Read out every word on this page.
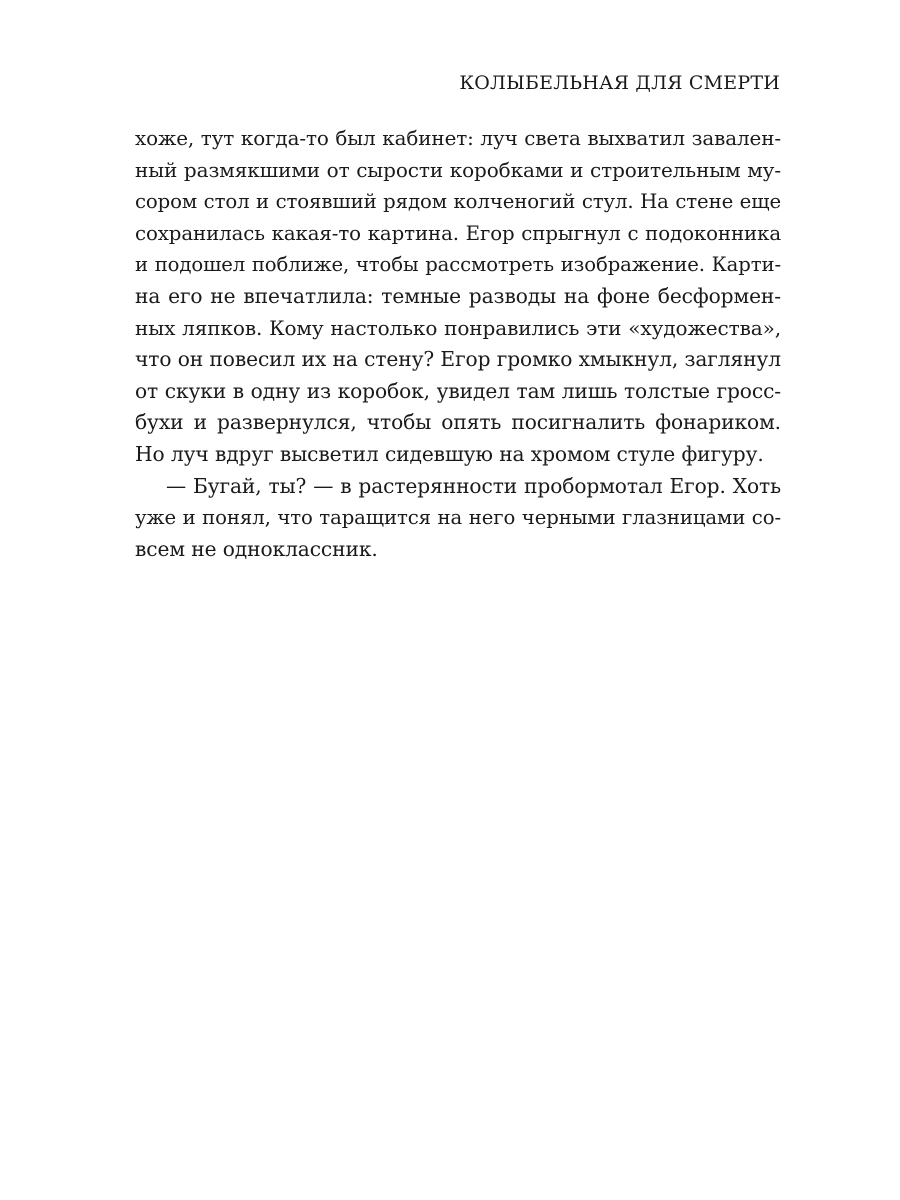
КОЛЫБЕЛЬНАЯ ДЛЯ СМЕРТИ
хоже, тут когда-то был кабинет: луч света выхватил завален-
ный размякшими от сырости коробками и строительным му-
сором стол и стоявший рядом колченогий стул. На стене еще
сохранилась какая-то картина. Егор спрыгнул с подоконника
и подошел поближе, чтобы рассмотреть изображение. Карти-
на его не впечатлила: темные разводы на фоне бесформен-
ных ляпков. Кому настолько понравились эти «художества»,
что он повесил их на стену? Егор громко хмыкнул, заглянул
от скуки в одну из коробок, увидел там лишь толстые гросс-
бухи и развернулся, чтобы опять посигналить фонариком.
Но луч вдруг высветил сидевшую на хромом стуле фигуру.
— Бугай, ты? — в растерянности пробормотал Егор. Хоть
уже и понял, что таращится на него черными глазницами со-
всем не одноклассник.
